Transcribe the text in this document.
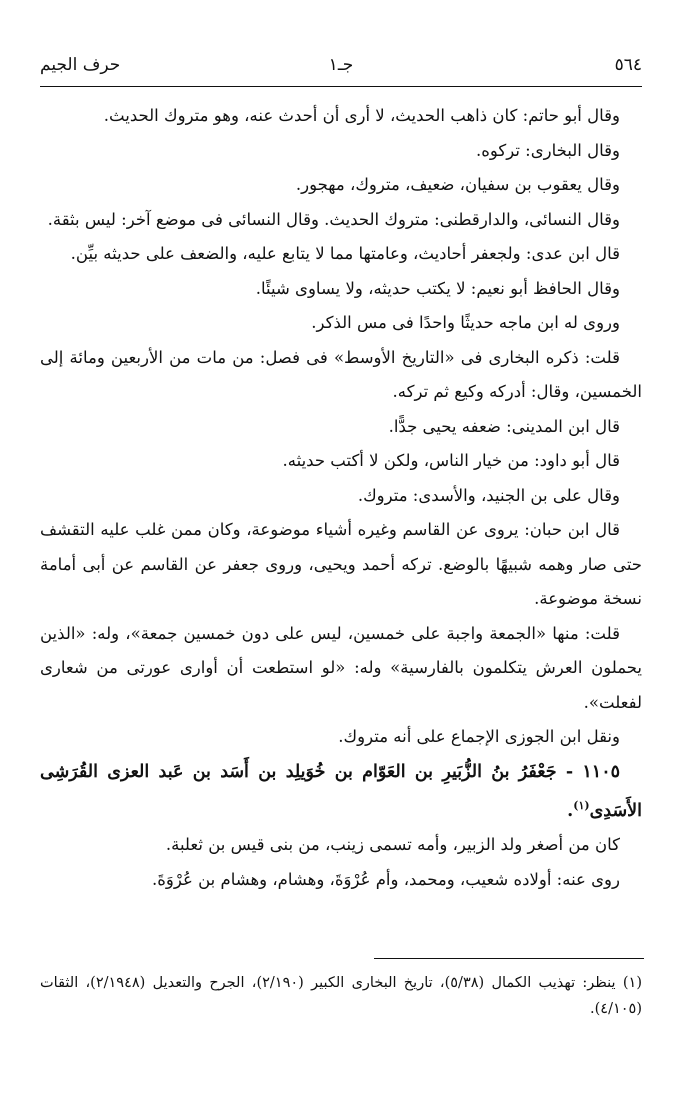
٥٦٤
جـ١
حرف الجيم

وقال أبو حاتم: كان ذاهب الحديث، لا أرى أن أحدث عنه، وهو متروك الحديث.

وقال البخارى: تركوه.

وقال يعقوب بن سفيان، ضعيف، متروك، مهجور.

وقال النسائى، والدارقطنى: متروك الحديث. وقال النسائى فى موضع آخر: ليس بثقة.

قال ابن عدى: ولجعفر أحاديث، وعامتها مما لا يتابع عليه، والضعف على حديثه بيِّن.

وقال الحافظ أبو نعيم: لا يكتب حديثه، ولا يساوى شيئًا.

وروى له ابن ماجه حديثًا واحدًا فى مس الذكر.

قلت: ذكره البخارى فى «التاريخ الأوسط» فى فصل: من مات من الأربعين ومائة إلى الخمسين، وقال: أدركه وكيع ثم تركه.

قال ابن المدينى: ضعفه يحيى جدًّا.

قال أبو داود: من خيار الناس، ولكن لا أكتب حديثه.

وقال على بن الجنيد، والأسدى: متروك.

قال ابن حبان: يروى عن القاسم وغيره أشياء موضوعة، وكان ممن غلب عليه التقشف حتى صار وهمه شبيهًا بالوضع. تركه أحمد ويحيى، وروى جعفر عن القاسم عن أبى أمامة نسخة موضوعة.

قلت: منها «الجمعة واجبة على خمسين، ليس على دون خمسين جمعة»، وله: «الذين يحملون العرش يتكلمون بالفارسية» وله: «لو استطعت أن أوارى عورتى من شعارى لفعلت».

ونقل ابن الجوزى الإجماع على أنه متروك.

١١٠٥ - جَعْفَرُ بنُ الزُّبَيرِ بن العَوّام بن خُوَيلِد بن أَسَد بن عَبد العزى القُرَشِى الأَسَدِى$^{(١)}$.

كان من أصغر ولد الزبير، وأمه تسمى زينب، من بنى قيس بن ثعلبة.

روى عنه: أولاده شعيب، ومحمد، وأم عُرْوَةَ، وهشام، وهشام بن عُرْوَةَ.

(١) ينظر: تهذيب الكمال (٥/٣٨)، تاريخ البخارى الكبير (٢/١٩٠)، الجرح والتعديل (٢/١٩٤٨)، الثقات (٤/١٠٥).
